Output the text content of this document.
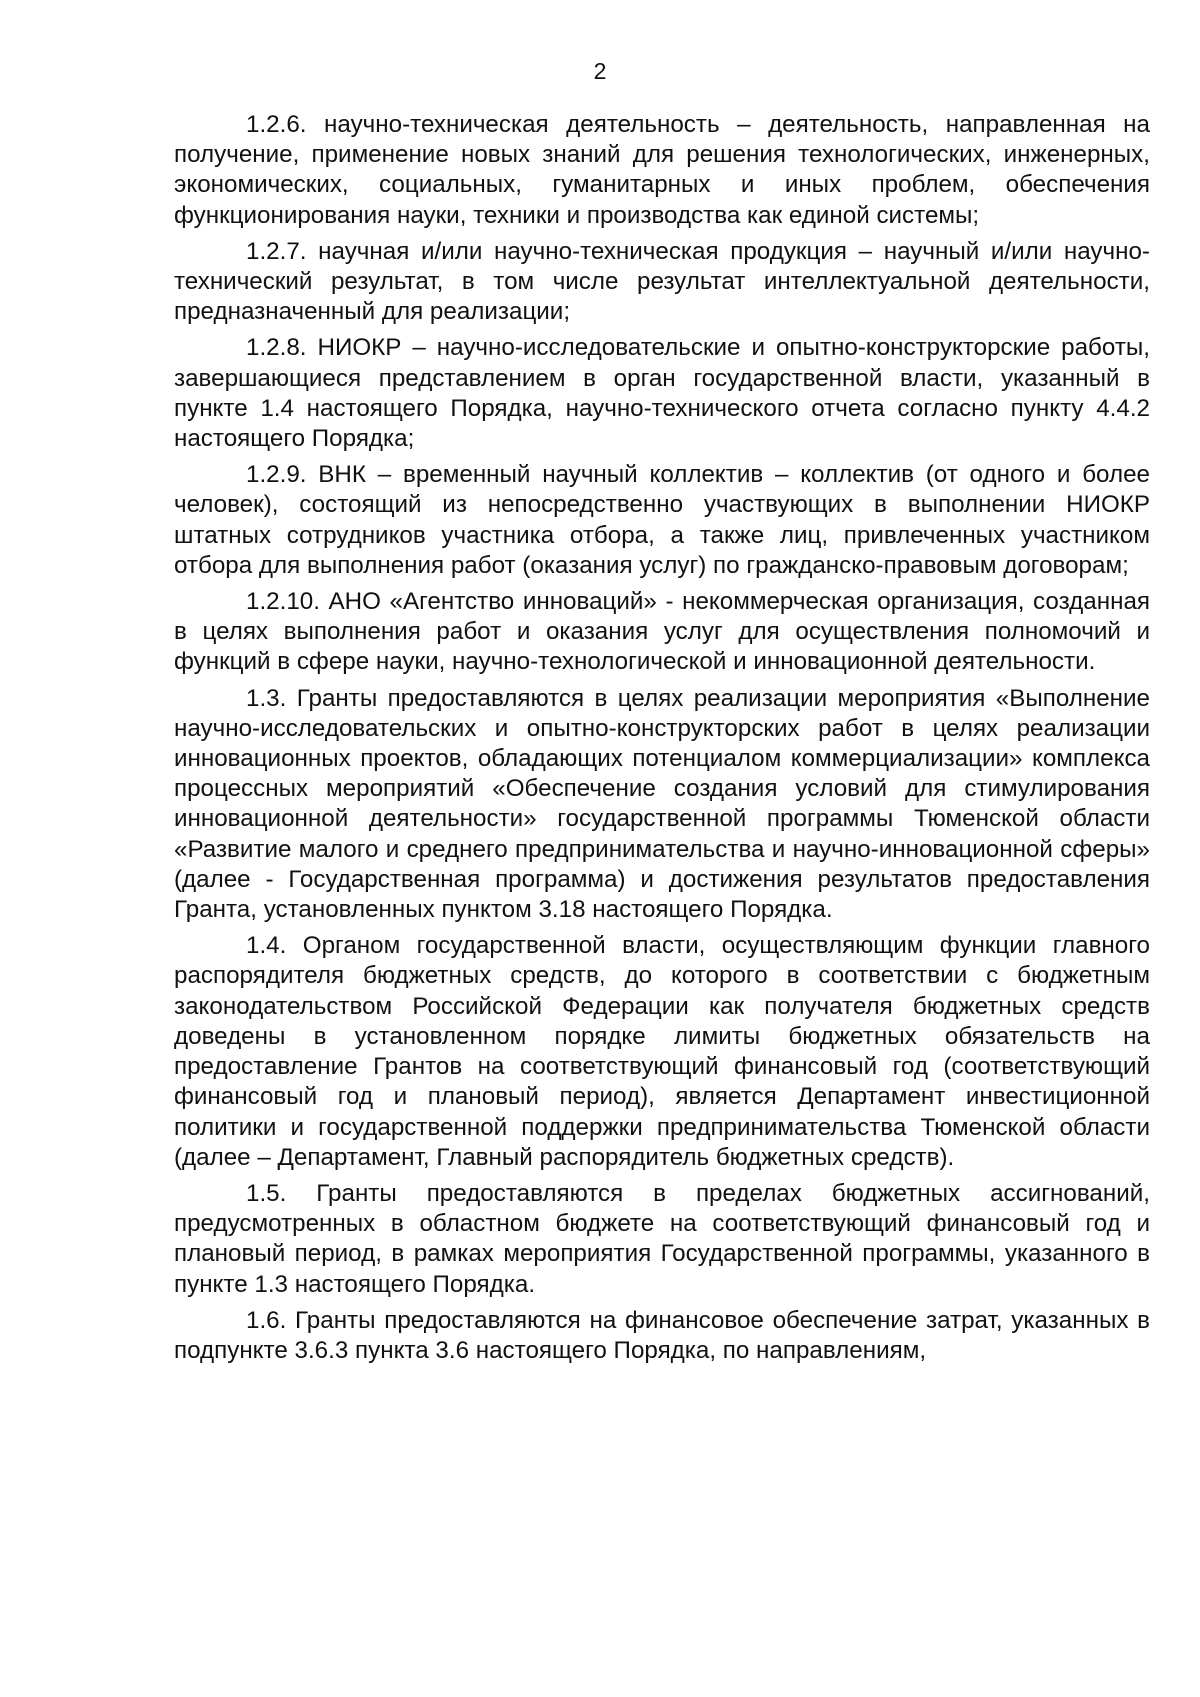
2

1.2.6. научно-техническая деятельность – деятельность, направленная на получение, применение новых знаний для решения технологических, инженерных, экономических, социальных, гуманитарных и иных проблем, обеспечения функционирования науки, техники и производства как единой системы;

1.2.7. научная и/или научно-техническая продукция – научный и/или научно-технический результат, в том числе результат интеллектуальной деятельности, предназначенный для реализации;

1.2.8. НИОКР – научно-исследовательские и опытно-конструкторские работы, завершающиеся представлением в орган государственной власти, указанный в пункте 1.4 настоящего Порядка, научно-технического отчета согласно пункту 4.4.2 настоящего Порядка;

1.2.9. ВНК – временный научный коллектив – коллектив (от одного и более человек), состоящий из непосредственно участвующих в выполнении НИОКР штатных сотрудников участника отбора, а также лиц, привлеченных участником отбора для выполнения работ (оказания услуг) по гражданско-правовым договорам;

1.2.10. АНО «Агентство инноваций» - некоммерческая организация, созданная в целях выполнения работ и оказания услуг для осуществления полномочий и функций в сфере науки, научно-технологической и инновационной деятельности.

1.3. Гранты предоставляются в целях реализации мероприятия «Выполнение научно-исследовательских и опытно-конструкторских работ в целях реализации инновационных проектов, обладающих потенциалом коммерциализации» комплекса процессных мероприятий «Обеспечение создания условий для стимулирования инновационной деятельности» государственной программы Тюменской области «Развитие малого и среднего предпринимательства и научно-инновационной сферы» (далее - Государственная программа) и достижения результатов предоставления Гранта, установленных пунктом 3.18 настоящего Порядка.

1.4. Органом государственной власти, осуществляющим функции главного распорядителя бюджетных средств, до которого в соответствии с бюджетным законодательством Российской Федерации как получателя бюджетных средств доведены в установленном порядке лимиты бюджетных обязательств на предоставление Грантов на соответствующий финансовый год (соответствующий финансовый год и плановый период), является Департамент инвестиционной политики и государственной поддержки предпринимательства Тюменской области (далее – Департамент, Главный распорядитель бюджетных средств).

1.5. Гранты предоставляются в пределах бюджетных ассигнований, предусмотренных в областном бюджете на соответствующий финансовый год и плановый период, в рамках мероприятия Государственной программы, указанного в пункте 1.3 настоящего Порядка.

1.6. Гранты предоставляются на финансовое обеспечение затрат, указанных в подпункте 3.6.3 пункта 3.6 настоящего Порядка, по направлениям,
